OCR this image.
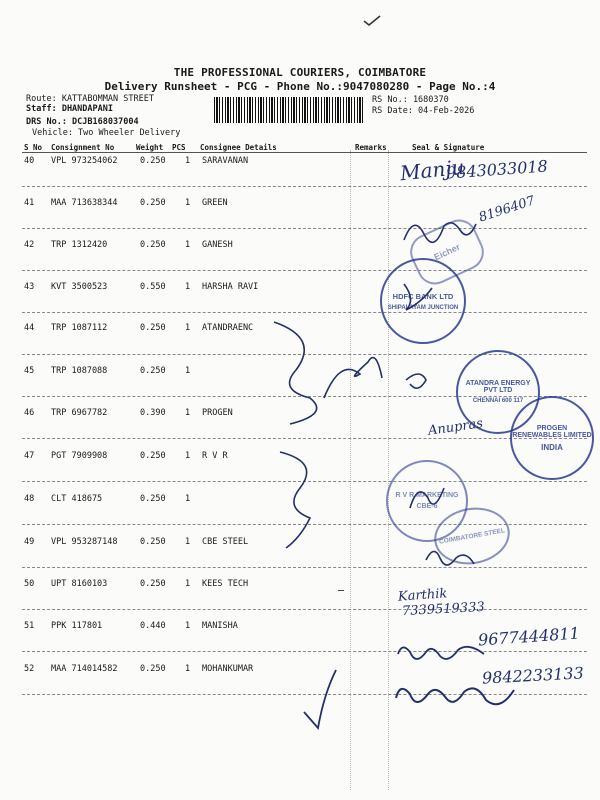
THE PROFESSIONAL COURIERS, COIMBATORE
Delivery Runsheet - PCG - Phone No.:9047080280 - Page No.:4
Route: KATTABOMMAN STREET
Staff: DHANDAPANI
DRS No.: DCJB168037004
Vehicle: Two Wheeler Delivery
RS No.: 1680370
RS Date: 04-Feb-2026
S No Consignment No	Weight PCS Consignee Details	Remarks	Seal & Signature
40 VPL 973254062	0.250 1 SARAVANAN
41 MAA 713638344	0.250 1 GREEN
42 TRP 1312420	0.250 1 GANESH
43 KVT 3500523	0.550 1 HARSHA RAVI
44 TRP 1087112	0.250 1 ATANDRAENC
45 TRP 1087088	0.250 1
46 TRP 6967782	0.390 1 PROGEN
47 PGT 7909908	0.250 1 R V R
48 CLT 418675	0.250 1
49 VPL 953287148	0.250 1 CBE STEEL
50 UPT 8160103	0.250 1 KEES TECH
51 PPK 117801	0.440 1 MANISHA
52 MAA 714014582	0.250 1 MOHANKUMAR
Manju
9843033018
8196407
Eicher
HDFC BANK LTD
SHIPALAYAM JUNCTION
ATANDRA ENERGY PVT LTD
CHENNAI 600 117
PROGEN RENEWABLES LIMITED
INDIA
Anupras
R V R MARKETING
CBE-6
COIMBATORE STEEL
Karthik
7339519333
9677444811
9842233133
